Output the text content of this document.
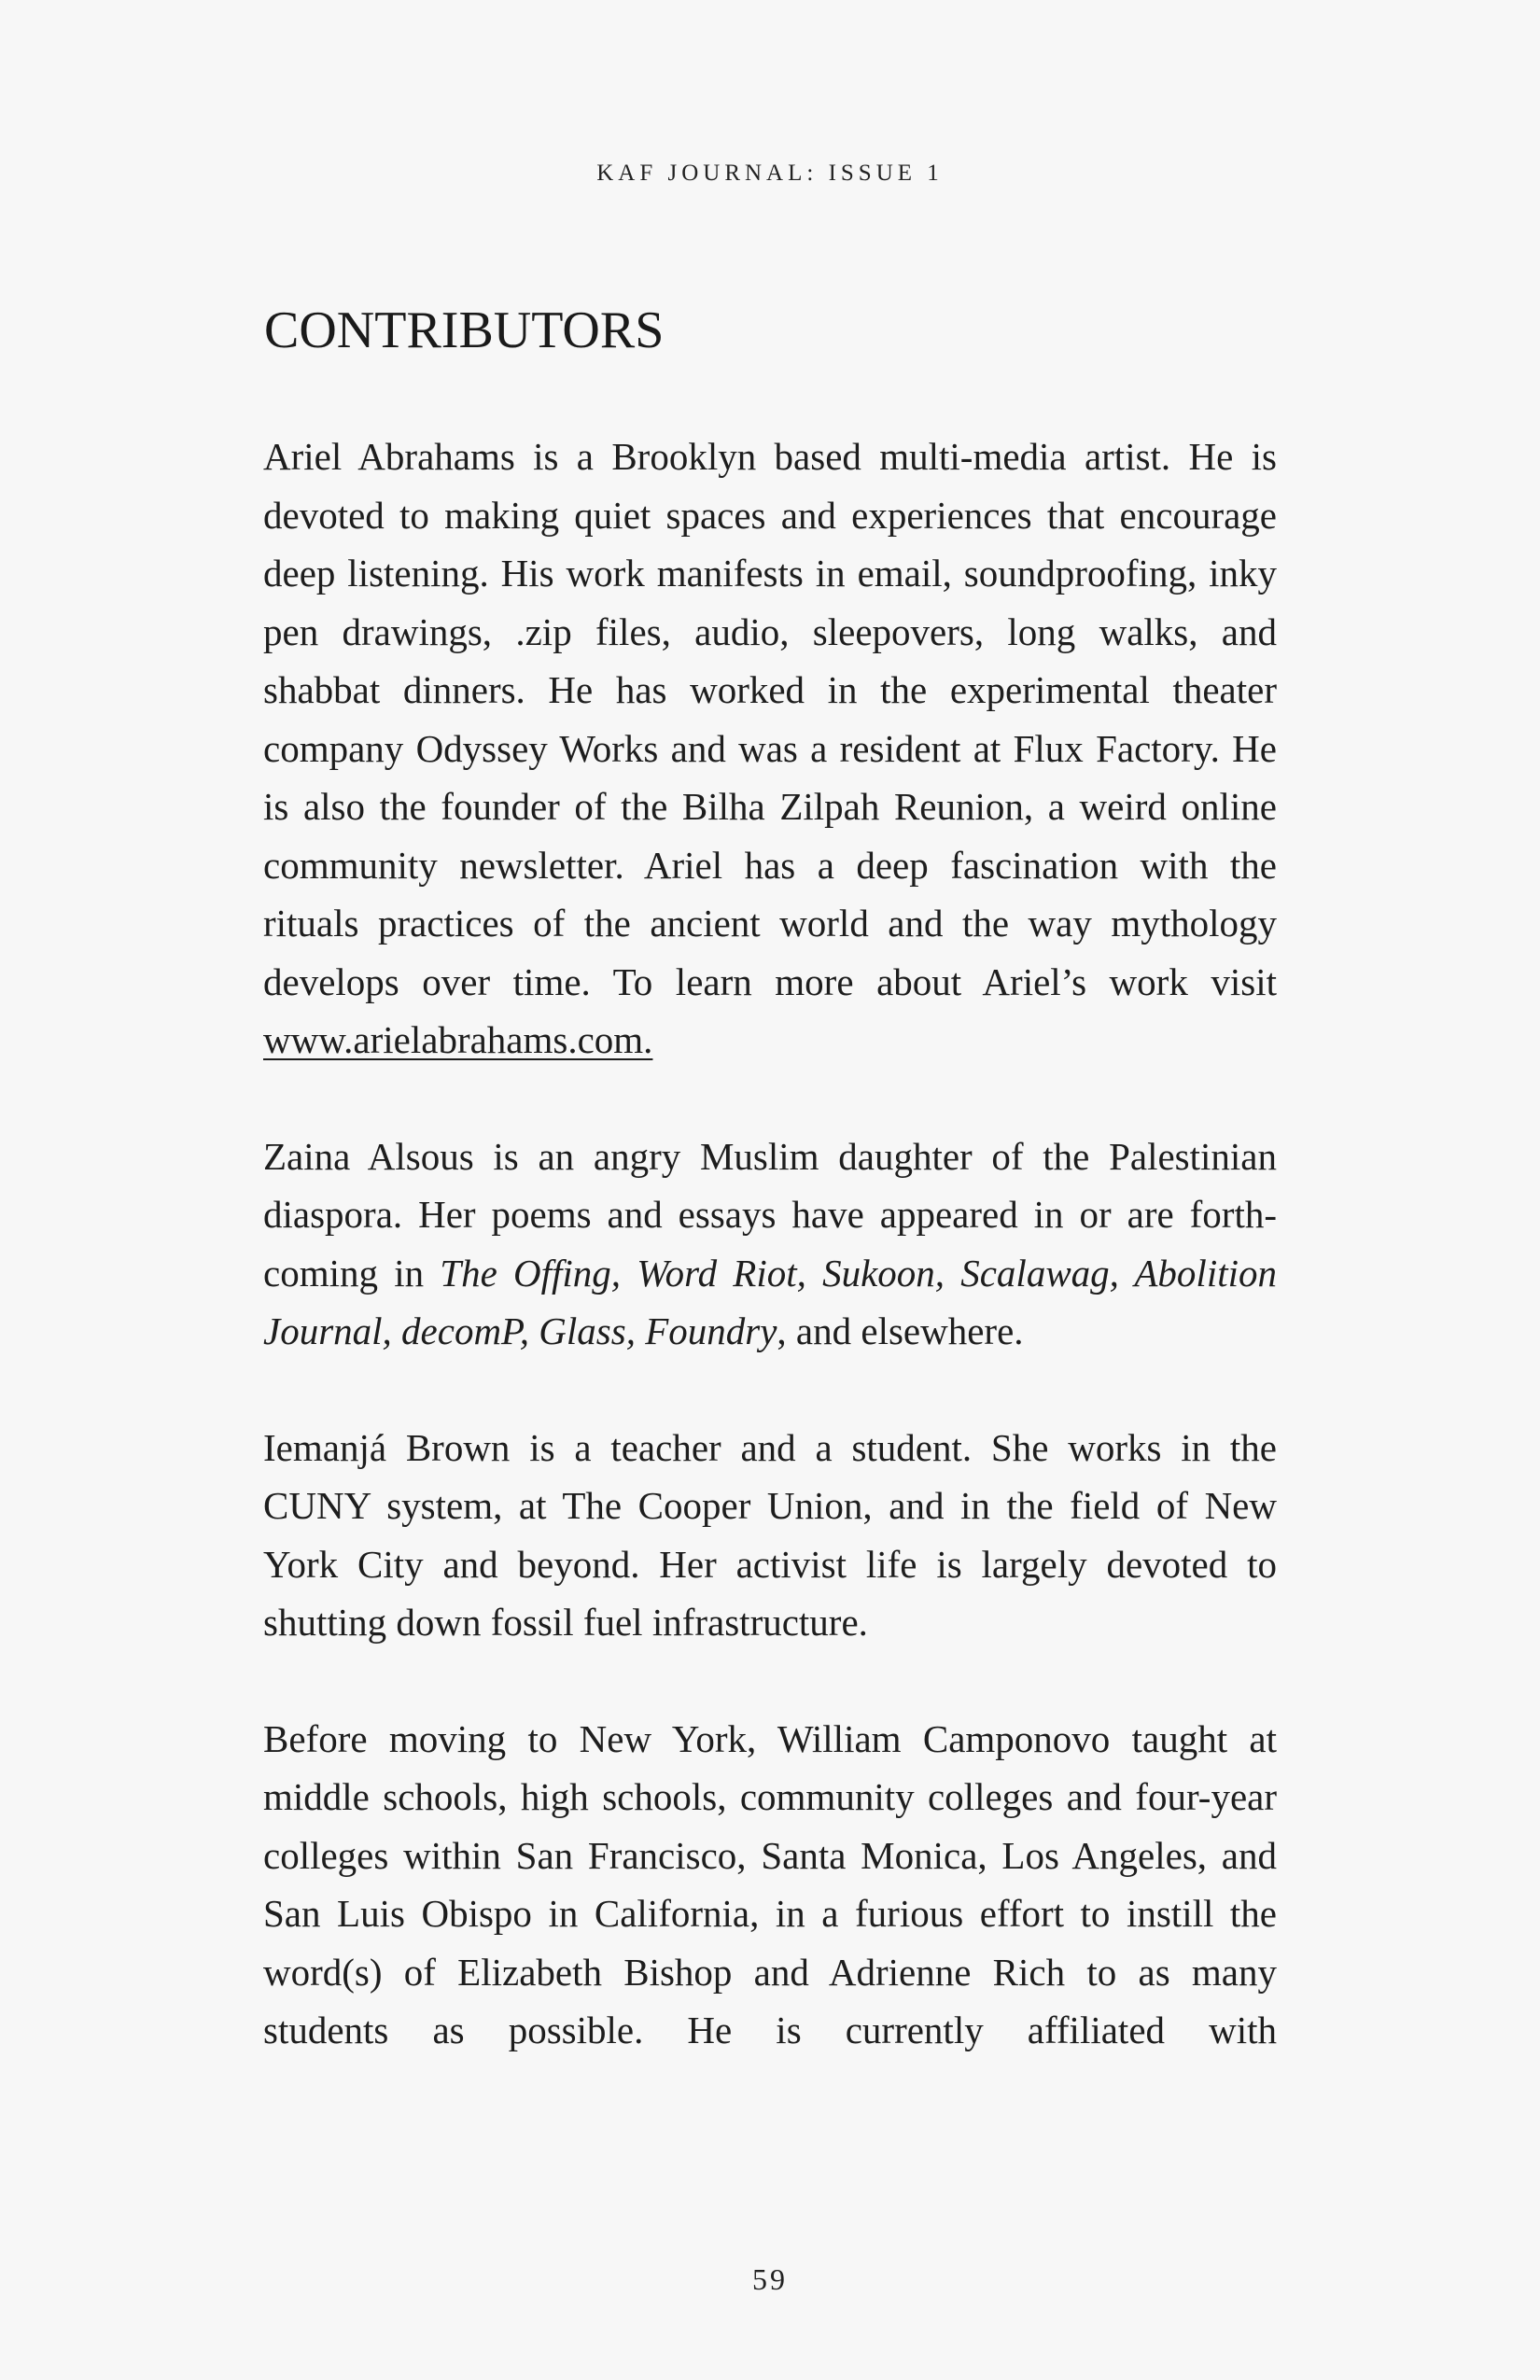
KAF JOURNAL: ISSUE 1
CONTRIBUTORS

Ariel Abrahams is a Brooklyn based multi-media artist. He is devoted to making quiet spaces and experiences that encourage deep listening. His work manifests in email, soundproofing, inky pen drawings, .zip files, audio, sleepovers, long walks, and shabbat dinners. He has worked in the experimental theater company Odyssey Works and was a resident at Flux Factory. He is also the founder of the Bilha Zilpah Reunion, a weird online community newsletter. Ariel has a deep fascination with the rituals practices of the ancient world and the way mythology develops over time. To learn more about Ariel’s work visit www.arielabrahams.com.

Zaina Alsous is an angry Muslim daughter of the Palestinian diaspora. Her poems and essays have appeared in or are forthcoming in The Offing, Word Riot, Sukoon, Scalawag, Abolition Journal, decomP, Glass, Foundry, and elsewhere.

Iemanjá Brown is a teacher and a student. She works in the CUNY system, at The Cooper Union, and in the field of New York City and beyond. Her activist life is largely devoted to shutting down fossil fuel infrastructure.

Before moving to New York, William Camponovo taught at middle schools, high schools, community colleges and four-year colleges within San Francisco, Santa Monica, Los Angeles, and San Luis Obispo in California, in a furious effort to instill the word(s) of Elizabeth Bishop and Adrienne Rich to as many students as possible. He is currently affiliated with

59
